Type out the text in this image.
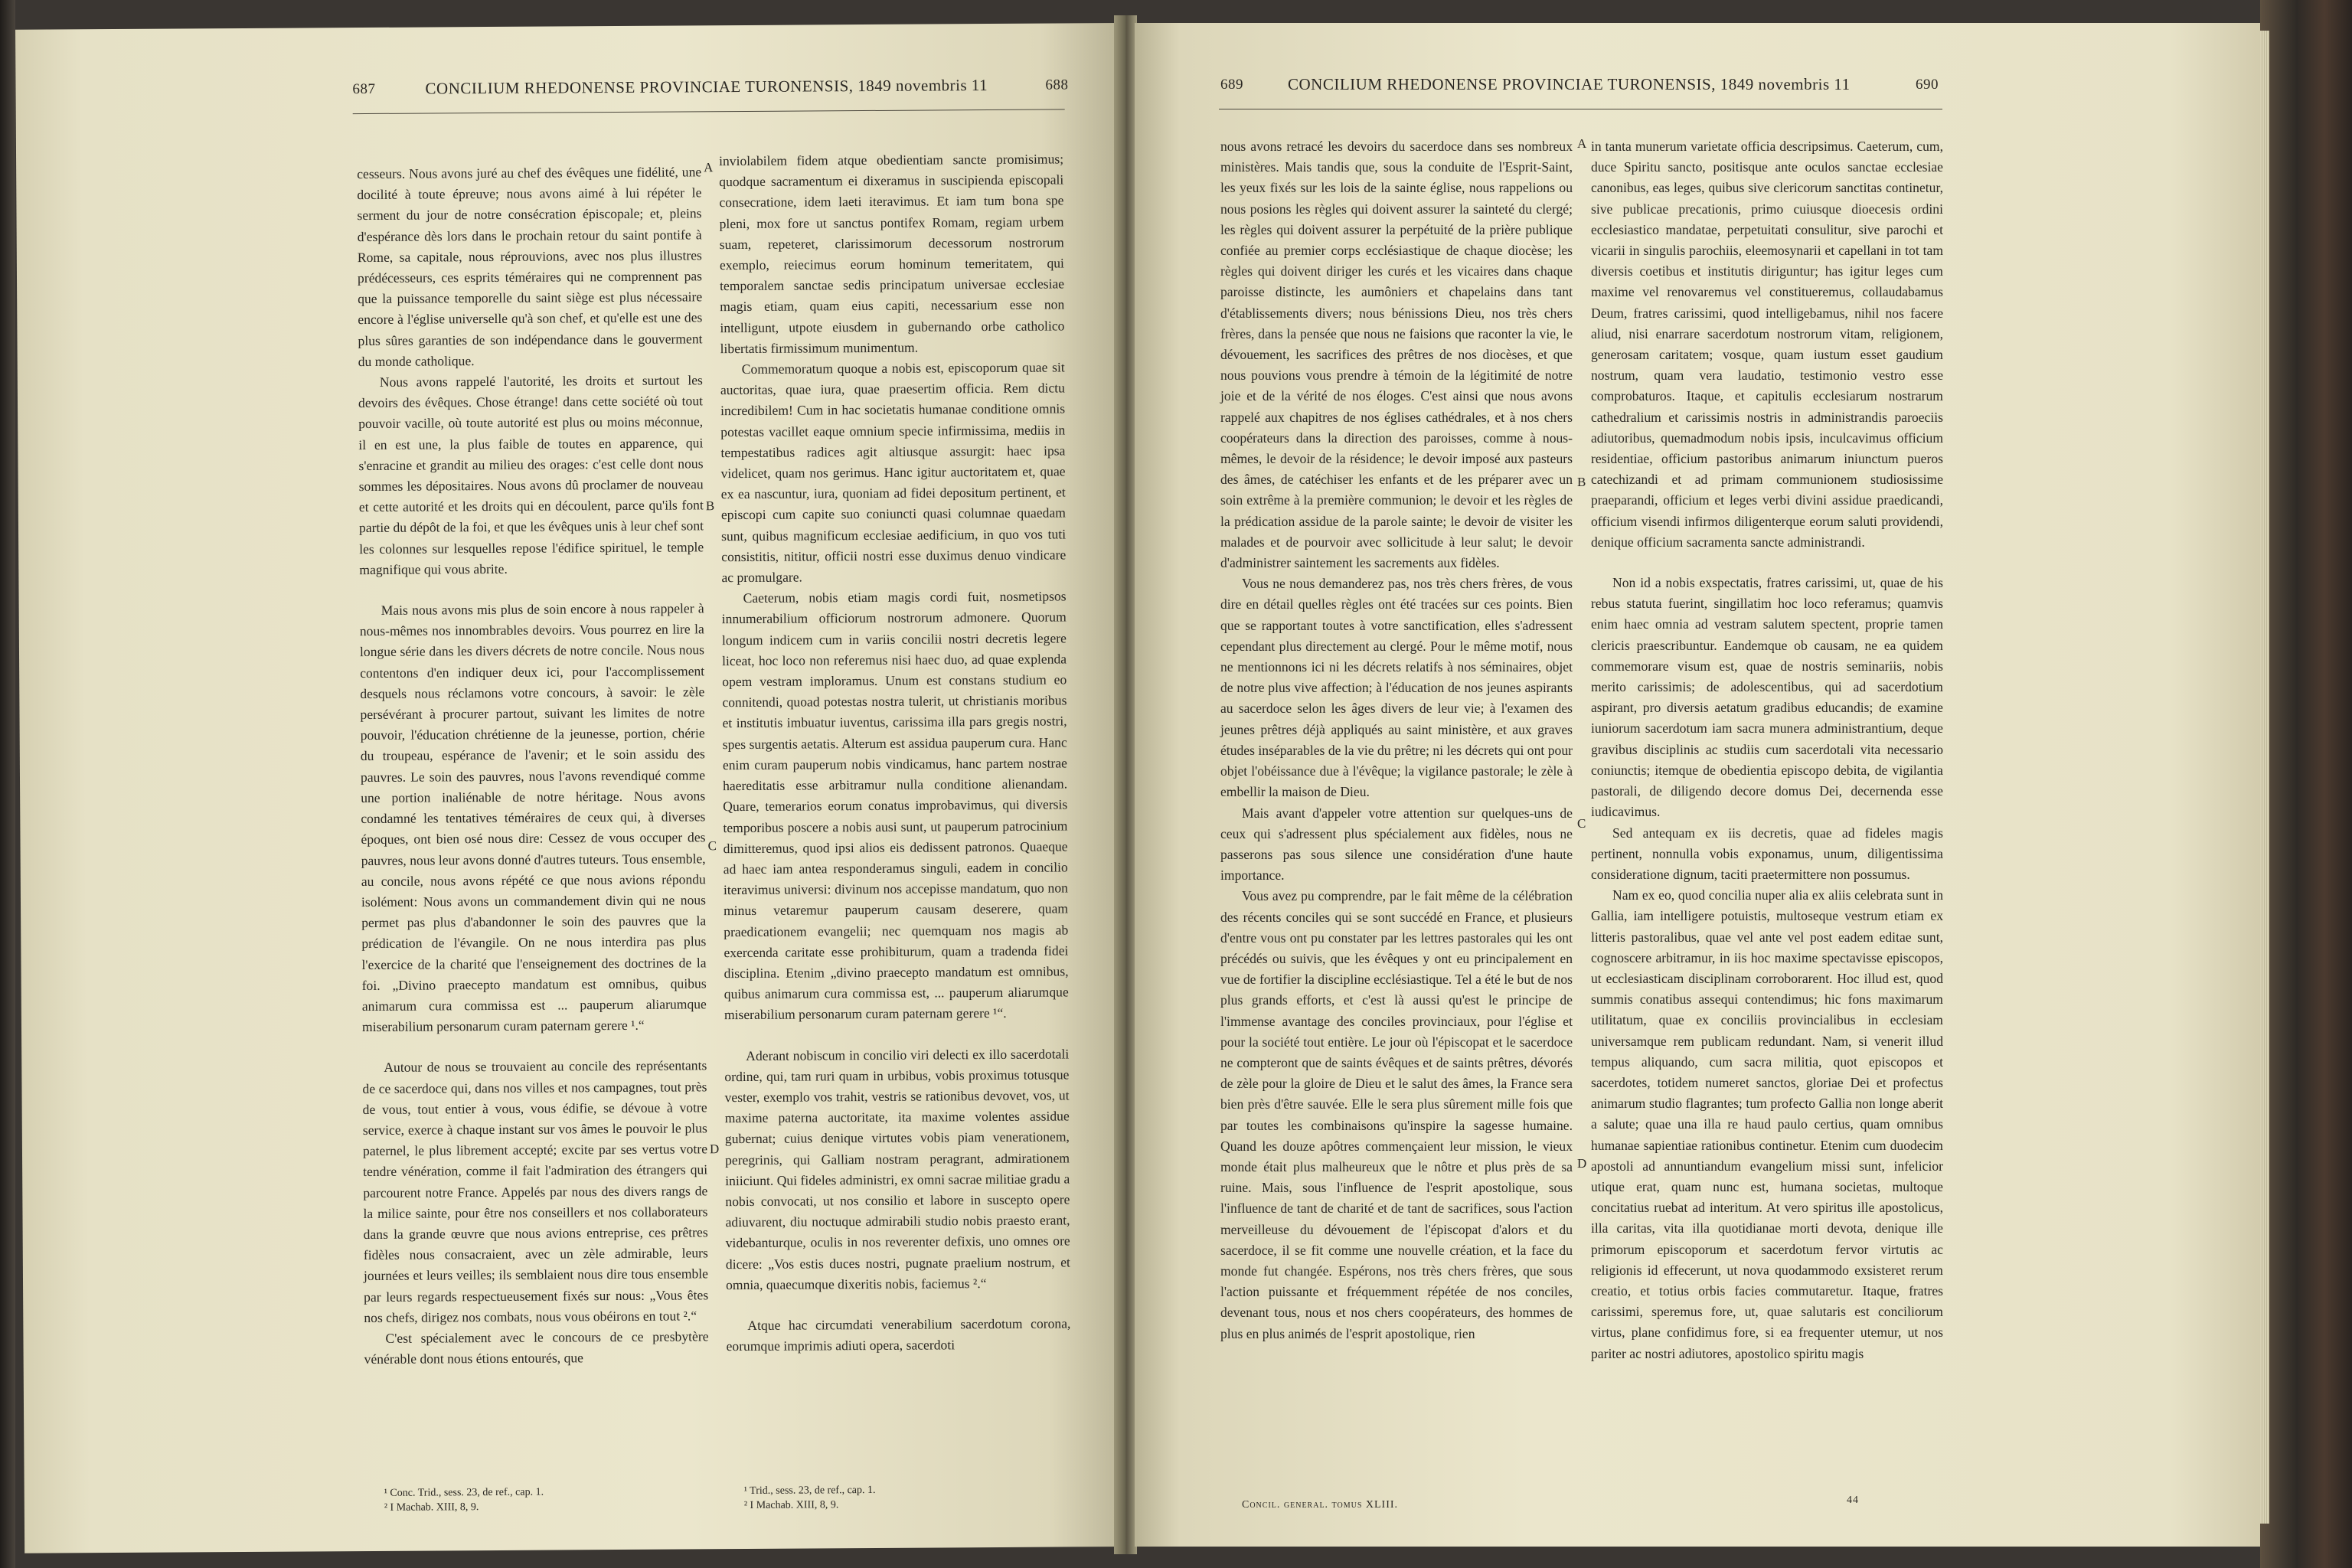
687	CONCILIUM RHEDONENSE PROVINCIAE TURONENSIS, 1849 novembris 11	688

cesseurs. Nous avons juré au chef des évêques une fidélité, une docilité à toute épreuve; nous avons aimé à lui répéter le serment du jour de notre consécration épiscopale; et, pleins d'espérance dès lors dans le prochain retour du saint pontife à Rome, sa capitale, nous réprouvions, avec nos plus illustres prédécesseurs, ces esprits téméraires qui ne comprennent pas que la puissance temporelle du saint siège est plus nécessaire encore à l'église universelle qu'à son chef, et qu'elle est une des plus sûres garanties de son indépendance dans le gouverment du monde catholique.

Nous avons rappelé l'autorité, les droits et surtout les devoirs des évêques. Chose étrange! dans cette société où tout pouvoir vacille, où toute autorité est plus ou moins méconnue, il en est une, la plus faible de toutes en apparence, qui s'enracine et grandit au milieu des orages: c'est celle dont nous sommes les dépositaires. Nous avons dû proclamer de nouveau et cette autorité et les droits qui en découlent, parce qu'ils font partie du dépôt de la foi, et que les évêques unis à leur chef sont les colonnes sur lesquelles repose l'édifice spirituel, le temple magnifique qui vous abrite.

Mais nous avons mis plus de soin encore à nous rappeler à nous-mêmes nos innombrables devoirs. Vous pourrez en lire la longue série dans les divers décrets de notre concile. Nous nous contentons d'en indiquer deux ici, pour l'accomplissement desquels nous réclamons votre concours, à savoir: le zèle persévérant à procurer partout, suivant les limites de notre pouvoir, l'éducation chrétienne de la jeunesse, portion, chérie du troupeau, espérance de l'avenir; et le soin assidu des pauvres. Le soin des pauvres, nous l'avons revendiqué comme une portion inaliénable de notre héritage. Nous avons condamné les tentatives téméraires de ceux qui, à diverses époques, ont bien osé nous dire: Cessez de vous occuper des pauvres, nous leur avons donné d'autres tuteurs. Tous ensemble, au concile, nous avons répété ce que nous avions répondu isolément: Nous avons un commandement divin qui ne nous permet pas plus d'abandonner le soin des pauvres que la prédication de l'évangile. On ne nous interdira pas plus l'exercice de la charité que l'enseignement des doctrines de la foi. „Divino praecepto mandatum est omnibus, quibus animarum cura commissa est ... pauperum aliarumque miserabilium personarum curam paternam gerere ¹.“

Autour de nous se trouvaient au concile des représentants de ce sacerdoce qui, dans nos villes et nos campagnes, tout près de vous, tout entier à vous, vous édifie, se dévoue à votre service, exerce à chaque instant sur vos âmes le pouvoir le plus paternel, le plus librement accepté; excite par ses vertus votre tendre vénération, comme il fait l'admiration des étrangers qui parcourent notre France. Appelés par nous des divers rangs de la milice sainte, pour être nos conseillers et nos collaborateurs dans la grande œuvre que nous avions entreprise, ces prêtres fidèles nous consacraient, avec un zèle admirable, leurs journées et leurs veilles; ils semblaient nous dire tous ensemble par leurs regards respectueusement fixés sur nous: „Vous êtes nos chefs, dirigez nos combats, nous vous obéirons en tout ².“

C'est spécialement avec le concours de ce presbytère vénérable dont nous étions entourés, que

A
B
C
D

inviolabilem fidem atque obedientiam sancte promisimus; quodque sacramentum ei dixeramus in suscipienda episcopali consecratione, idem laeti iteravimus. Et iam tum bona spe pleni, mox fore ut sanctus pontifex Romam, regiam urbem suam, repeteret, clarissimorum decessorum nostrorum exemplo, reiecimus eorum hominum temeritatem, qui temporalem sanctae sedis principatum universae ecclesiae magis etiam, quam eius capiti, necessarium esse non intelligunt, utpote eiusdem in gubernando orbe catholico libertatis firmissimum munimentum.

Commemoratum quoque a nobis est, episcoporum quae sit auctoritas, quae iura, quae praesertim officia. Rem dictu incredibilem! Cum in hac societatis humanae conditione omnis potestas vacillet eaque omnium specie infirmissima, mediis in tempestatibus radices agit altiusque assurgit: haec ipsa videlicet, quam nos gerimus. Hanc igitur auctoritatem et, quae ex ea nascuntur, iura, quoniam ad fidei depositum pertinent, et episcopi cum capite suo coniuncti quasi columnae quaedam sunt, quibus magnificum ecclesiae aedificium, in quo vos tuti consistitis, nititur, officii nostri esse duximus denuo vindicare ac promulgare.

Caeterum, nobis etiam magis cordi fuit, nosmetipsos innumerabilium officiorum nostrorum admonere. Quorum longum indicem cum in variis concilii nostri decretis legere liceat, hoc loco non referemus nisi haec duo, ad quae explenda opem vestram imploramus. Unum est constans studium eo connitendi, quoad potestas nostra tulerit, ut christianis moribus et institutis imbuatur iuventus, carissima illa pars gregis nostri, spes surgentis aetatis. Alterum est assidua pauperum cura. Hanc enim curam pauperum nobis vindicamus, hanc partem nostrae haereditatis esse arbitramur nulla conditione alienandam. Quare, temerarios eorum conatus improbavimus, qui diversis temporibus poscere a nobis ausi sunt, ut pauperum patrocinium dimitteremus, quod ipsi alios eis dedissent patronos. Quaeque ad haec iam antea responderamus singuli, eadem in concilio iteravimus universi: divinum nos accepisse mandatum, quo non minus vetaremur pauperum causam deserere, quam praedicationem evangelii; nec quemquam nos magis ab exercenda caritate esse prohibiturum, quam a tradenda fidei disciplina. Etenim „divino praecepto mandatum est omnibus, quibus animarum cura commissa est, ... pauperum aliarumque miserabilium personarum curam paternam gerere ¹“.

Aderant nobiscum in concilio viri delecti ex illo sacerdotali ordine, qui, tam ruri quam in urbibus, vobis proximus totusque vester, exemplo vos trahit, vestris se rationibus devovet, vos, ut maxime paterna auctoritate, ita maxime volentes assidue gubernat; cuius denique virtutes vobis piam venerationem, peregrinis, qui Galliam nostram peragrant, admirationem iniiciunt. Qui fideles administri, ex omni sacrae militiae gradu a nobis convocati, ut nos consilio et labore in suscepto opere adiuvarent, diu noctuque admirabili studio nobis praesto erant, videbanturque, oculis in nos reverenter defixis, uno omnes ore dicere: „Vos estis duces nostri, pugnate praelium nostrum, et omnia, quaecumque dixeritis nobis, faciemus ².“

Atque hac circumdati venerabilium sacerdotum corona, eorumque imprimis adiuti opera, sacerdoti

¹ Conc. Trid., sess. 23, de ref., cap. 1.
² I Machab. XIII, 8, 9.
¹ Trid., sess. 23, de ref., cap. 1.
² I Machab. XIII, 8, 9.
689	CONCILIUM RHEDONENSE PROVINCIAE TURONENSIS, 1849 novembris 11	690

nous avons retracé les devoirs du sacerdoce dans ses nombreux ministères. Mais tandis que, sous la conduite de l'Esprit-Saint, les yeux fixés sur les lois de la sainte église, nous rappelions ou nous posions les règles qui doivent assurer la sainteté du clergé; les règles qui doivent assurer la perpétuité de la prière publique confiée au premier corps ecclésiastique de chaque diocèse; les règles qui doivent diriger les curés et les vicaires dans chaque paroisse distincte, les aumôniers et chapelains dans tant d'établissements divers; nous bénissions Dieu, nos très chers frères, dans la pensée que nous ne faisions que raconter la vie, le dévouement, les sacrifices des prêtres de nos diocèses, et que nous pouvions vous prendre à témoin de la légitimité de notre joie et de la vérité de nos éloges. C'est ainsi que nous avons rappelé aux chapitres de nos églises cathédrales, et à nos chers coopérateurs dans la direction des paroisses, comme à nous-mêmes, le devoir de la résidence; le devoir imposé aux pasteurs des âmes, de catéchiser les enfants et de les préparer avec un soin extrême à la première communion; le devoir et les règles de la prédication assidue de la parole sainte; le devoir de visiter les malades et de pourvoir avec sollicitude à leur salut; le devoir d'administrer saintement les sacrements aux fidèles.

Vous ne nous demanderez pas, nos très chers frères, de vous dire en détail quelles règles ont été tracées sur ces points. Bien que se rapportant toutes à votre sanctification, elles s'adressent cependant plus directement au clergé. Pour le même motif, nous ne mentionnons ici ni les décrets relatifs à nos séminaires, objet de notre plus vive affection; à l'éducation de nos jeunes aspirants au sacerdoce selon les âges divers de leur vie; à l'examen des jeunes prêtres déjà appliqués au saint ministère, et aux graves études inséparables de la vie du prêtre; ni les décrets qui ont pour objet l'obéissance due à l'évêque; la vigilance pastorale; le zèle à embellir la maison de Dieu.

Mais avant d'appeler votre attention sur quelques-uns de ceux qui s'adressent plus spécialement aux fidèles, nous ne passerons pas sous silence une considération d'une haute importance.

Vous avez pu comprendre, par le fait même de la célébration des récents conciles qui se sont succédé en France, et plusieurs d'entre vous ont pu constater par les lettres pastorales qui les ont précédés ou suivis, que les évêques y ont eu principalement en vue de fortifier la discipline ecclésiastique. Tel a été le but de nos plus grands efforts, et c'est là aussi qu'est le principe de l'immense avantage des conciles provinciaux, pour l'église et pour la société tout entière. Le jour où l'épiscopat et le sacerdoce ne compteront que de saints évêques et de saints prêtres, dévorés de zèle pour la gloire de Dieu et le salut des âmes, la France sera bien près d'être sauvée. Elle le sera plus sûrement mille fois que par toutes les combinaisons qu'inspire la sagesse humaine. Quand les douze apôtres commençaient leur mission, le vieux monde était plus malheureux que le nôtre et plus près de sa ruine. Mais, sous l'influence de l'esprit apostolique, sous l'influence de tant de charité et de tant de sacrifices, sous l'action merveilleuse du dévouement de l'épiscopat d'alors et du sacerdoce, il se fit comme une nouvelle création, et la face du monde fut changée. Espérons, nos très chers frères, que sous l'action puissante et fréquemment répétée de nos conciles, devenant tous, nous et nos chers coopérateurs, des hommes de plus en plus animés de l'esprit apostolique, rien

A
B
C
D

in tanta munerum varietate officia descripsimus. Caeterum, cum, duce Spiritu sancto, positisque ante oculos sanctae ecclesiae canonibus, eas leges, quibus sive clericorum sanctitas continetur, sive publicae precationis, primo cuiusque dioecesis ordini ecclesiastico mandatae, perpetuitati consulitur, sive parochi et vicarii in singulis parochiis, eleemosynarii et capellani in tot tam diversis coetibus et institutis diriguntur; has igitur leges cum maxime vel renovaremus vel constitueremus, collaudabamus Deum, fratres carissimi, quod intelligebamus, nihil nos facere aliud, nisi enarrare sacerdotum nostrorum vitam, religionem, generosam caritatem; vosque, quam iustum esset gaudium nostrum, quam vera laudatio, testimonio vestro esse comprobaturos. Itaque, et capitulis ecclesiarum nostrarum cathedralium et carissimis nostris in administrandis paroeciis adiutoribus, quemadmodum nobis ipsis, inculcavimus officium residentiae, officium pastoribus animarum iniunctum pueros catechizandi et ad primam communionem studiosissime praeparandi, officium et leges verbi divini assidue praedicandi, officium visendi infirmos diligenterque eorum saluti providendi, denique officium sacramenta sancte administrandi.

Non id a nobis exspectatis, fratres carissimi, ut, quae de his rebus statuta fuerint, singillatim hoc loco referamus; quamvis enim haec omnia ad vestram salutem spectent, proprie tamen clericis praescribuntur. Eandemque ob causam, ne ea quidem commemorare visum est, quae de nostris seminariis, nobis merito carissimis; de adolescentibus, qui ad sacerdotium aspirant, pro diversis aetatum gradibus educandis; de examine iuniorum sacerdotum iam sacra munera administrantium, deque gravibus disciplinis ac studiis cum sacerdotali vita necessario coniunctis; itemque de obedientia episcopo debita, de vigilantia pastorali, de diligendo decore domus Dei, decernenda esse iudicavimus.

Sed antequam ex iis decretis, quae ad fideles magis pertinent, nonnulla vobis exponamus, unum, diligentissima consideratione dignum, taciti praetermittere non possumus.

Nam ex eo, quod concilia nuper alia ex aliis celebrata sunt in Gallia, iam intelligere potuistis, multoseque vestrum etiam ex litteris pastoralibus, quae vel ante vel post eadem editae sunt, cognoscere arbitramur, in iis hoc maxime spectavisse episcopos, ut ecclesiasticam disciplinam corroborarent. Hoc illud est, quod summis conatibus assequi contendimus; hic fons maximarum utilitatum, quae ex conciliis provincialibus in ecclesiam universamque rem publicam redundant. Nam, si venerit illud tempus aliquando, cum sacra militia, quot episcopos et sacerdotes, totidem numeret sanctos, gloriae Dei et profectus animarum studio flagrantes; tum profecto Gallia non longe aberit a salute; quae una illa re haud paulo certius, quam omnibus humanae sapientiae rationibus continetur. Etenim cum duodecim apostoli ad annuntiandum evangelium missi sunt, infelicior utique erat, quam nunc est, humana societas, multoque concitatius ruebat ad interitum. At vero spiritus ille apostolicus, illa caritas, vita illa quotidianae morti devota, denique ille primorum episcoporum et sacerdotum fervor virtutis ac religionis id effecerunt, ut nova quodammodo exsisteret rerum creatio, et totius orbis facies commutaretur. Itaque, fratres carissimi, speremus fore, ut, quae salutaris est conciliorum virtus, plane confidimus fore, si ea frequenter utemur, ut nos pariter ac nostri adiutores, apostolico spiritu magis

Concil. general. tomus XLIII.	44
